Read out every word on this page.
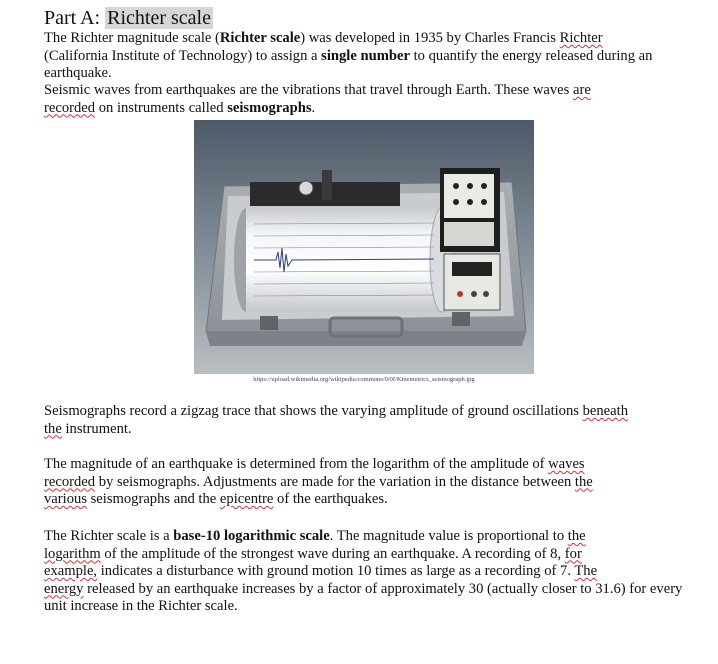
Part A: Richter scale
The Richter magnitude scale (Richter scale) was developed in 1935 by Charles Francis Richter
(California Institute of Technology) to assign a single number to quantify the energy released during an earthquake.
Seismic waves from earthquakes are the vibrations that travel through Earth. These waves are
recorded on instruments called seismographs.
https://upload.wikimedia.org/wikipedia/commons/0/0f/Kinemetrics_seismograph.jpg
Seismographs record a zigzag trace that shows the varying amplitude of ground oscillations beneath
the instrument.
The magnitude of an earthquake is determined from the logarithm of the amplitude of waves
recorded by seismographs. Adjustments are made for the variation in the distance between the
various seismographs and the epicentre of the earthquakes.
The Richter scale is a base-10 logarithmic scale. The magnitude value is proportional to the
logarithm of the amplitude of the strongest wave during an earthquake. A recording of 8, for
example, indicates a disturbance with ground motion 10 times as large as a recording of 7. The
energy released by an earthquake increases by a factor of approximately 30 (actually closer to 31.6) for every unit increase in the Richter scale.
